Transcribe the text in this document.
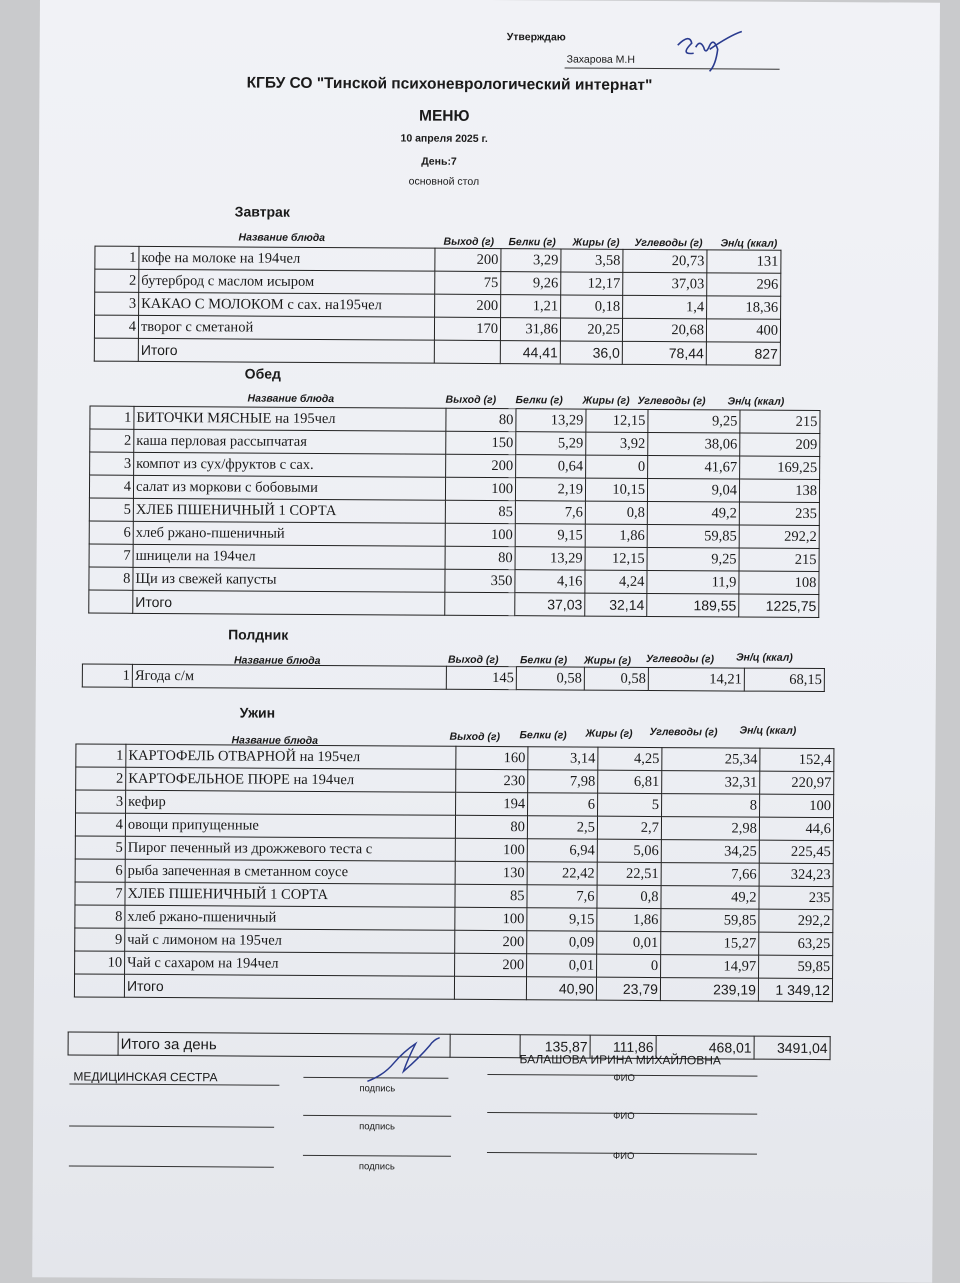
Утверждаю
Захарова М.Н
КГБУ СО "Тинской психоневрологический интернат"
МЕНЮ
10 апреля 2025 г.
День:7
основной стол
Завтрак
Название блюда	Выход (г) Белки (г) Жиры (г) Углеводы (г) Эн/ц (ккал)
1	кофе на молоке на 194чел	200	3,29	3,58	20,73	131
2	бутерброд с маслом исыром	75	9,26	12,17	37,03	296
3	КАКАО С МОЛОКОМ с сах. на195чел	200	1,21	0,18	1,4	18,36
4	творог с сметаной	170	31,86	20,25	20,68	400
	Итого		44,41	36,0	78,44	827
Обед
Название блюда	Выход (г) Белки (г) Жиры (г) Углеводы (г) Эн/ц (ккал)
1	БИТОЧКИ МЯСНЫЕ на 195чел	80	13,29	12,15	9,25	215
2	каша перловая рассыпчатая	150	5,29	3,92	38,06	209
3	компот из сух/фруктов с сах.	200	0,64	0	41,67	169,25
4	салат из моркови с бобовыми	100	2,19	10,15	9,04	138
5	ХЛЕБ ПШЕНИЧНЫЙ 1 СОРТА	85	7,6	0,8	49,2	235
6	хлеб ржано-пшеничный	100	9,15	1,86	59,85	292,2
7	шницели на 194чел	80	13,29	12,15	9,25	215
8	Щи из свежей капусты	350	4,16	4,24	11,9	108
	Итого		37,03	32,14	189,55	1225,75
Полдник
Название блюда	Выход (г) Белки (г) Жиры (г) Углеводы (г) Эн/ц (ккал)
1	Ягода с/м	145	0,58	0,58	14,21	68,15
Ужин
Название блюда	Выход (г) Белки (г) Жиры (г) Углеводы (г) Эн/ц (ккал)
1	КАРТОФЕЛЬ ОТВАРНОЙ на 195чел	160	3,14	4,25	25,34	152,4
2	КАРТОФЕЛЬНОЕ ПЮРЕ на 194чел	230	7,98	6,81	32,31	220,97
3	кефир	194	6	5	8	100
4	овощи припущенные	80	2,5	2,7	2,98	44,6
5	Пирог печенный из дрожжевого теста с	100	6,94	5,06	34,25	225,45
6	рыба запеченная в сметанном соусе	130	22,42	22,51	7,66	324,23
7	ХЛЕБ ПШЕНИЧНЫЙ 1 СОРТА	85	7,6	0,8	49,2	235
8	хлеб ржано-пшеничный	100	9,15	1,86	59,85	292,2
9	чай с лимоном на 195чел	200	0,09	0,01	15,27	63,25
10	Чай с сахаром на 194чел	200	0,01	0	14,97	59,85
	Итого		40,90	23,79	239,19	1 349,12
	Итого за день		135,87	111,86	468,01	3491,04
МЕДИЦИНСКАЯ СЕСТРА
подпись
БАЛАШОВА ИРИНА МИХАЙЛОВНА
ФИО
подпись
ФИО
подпись
ФИО
